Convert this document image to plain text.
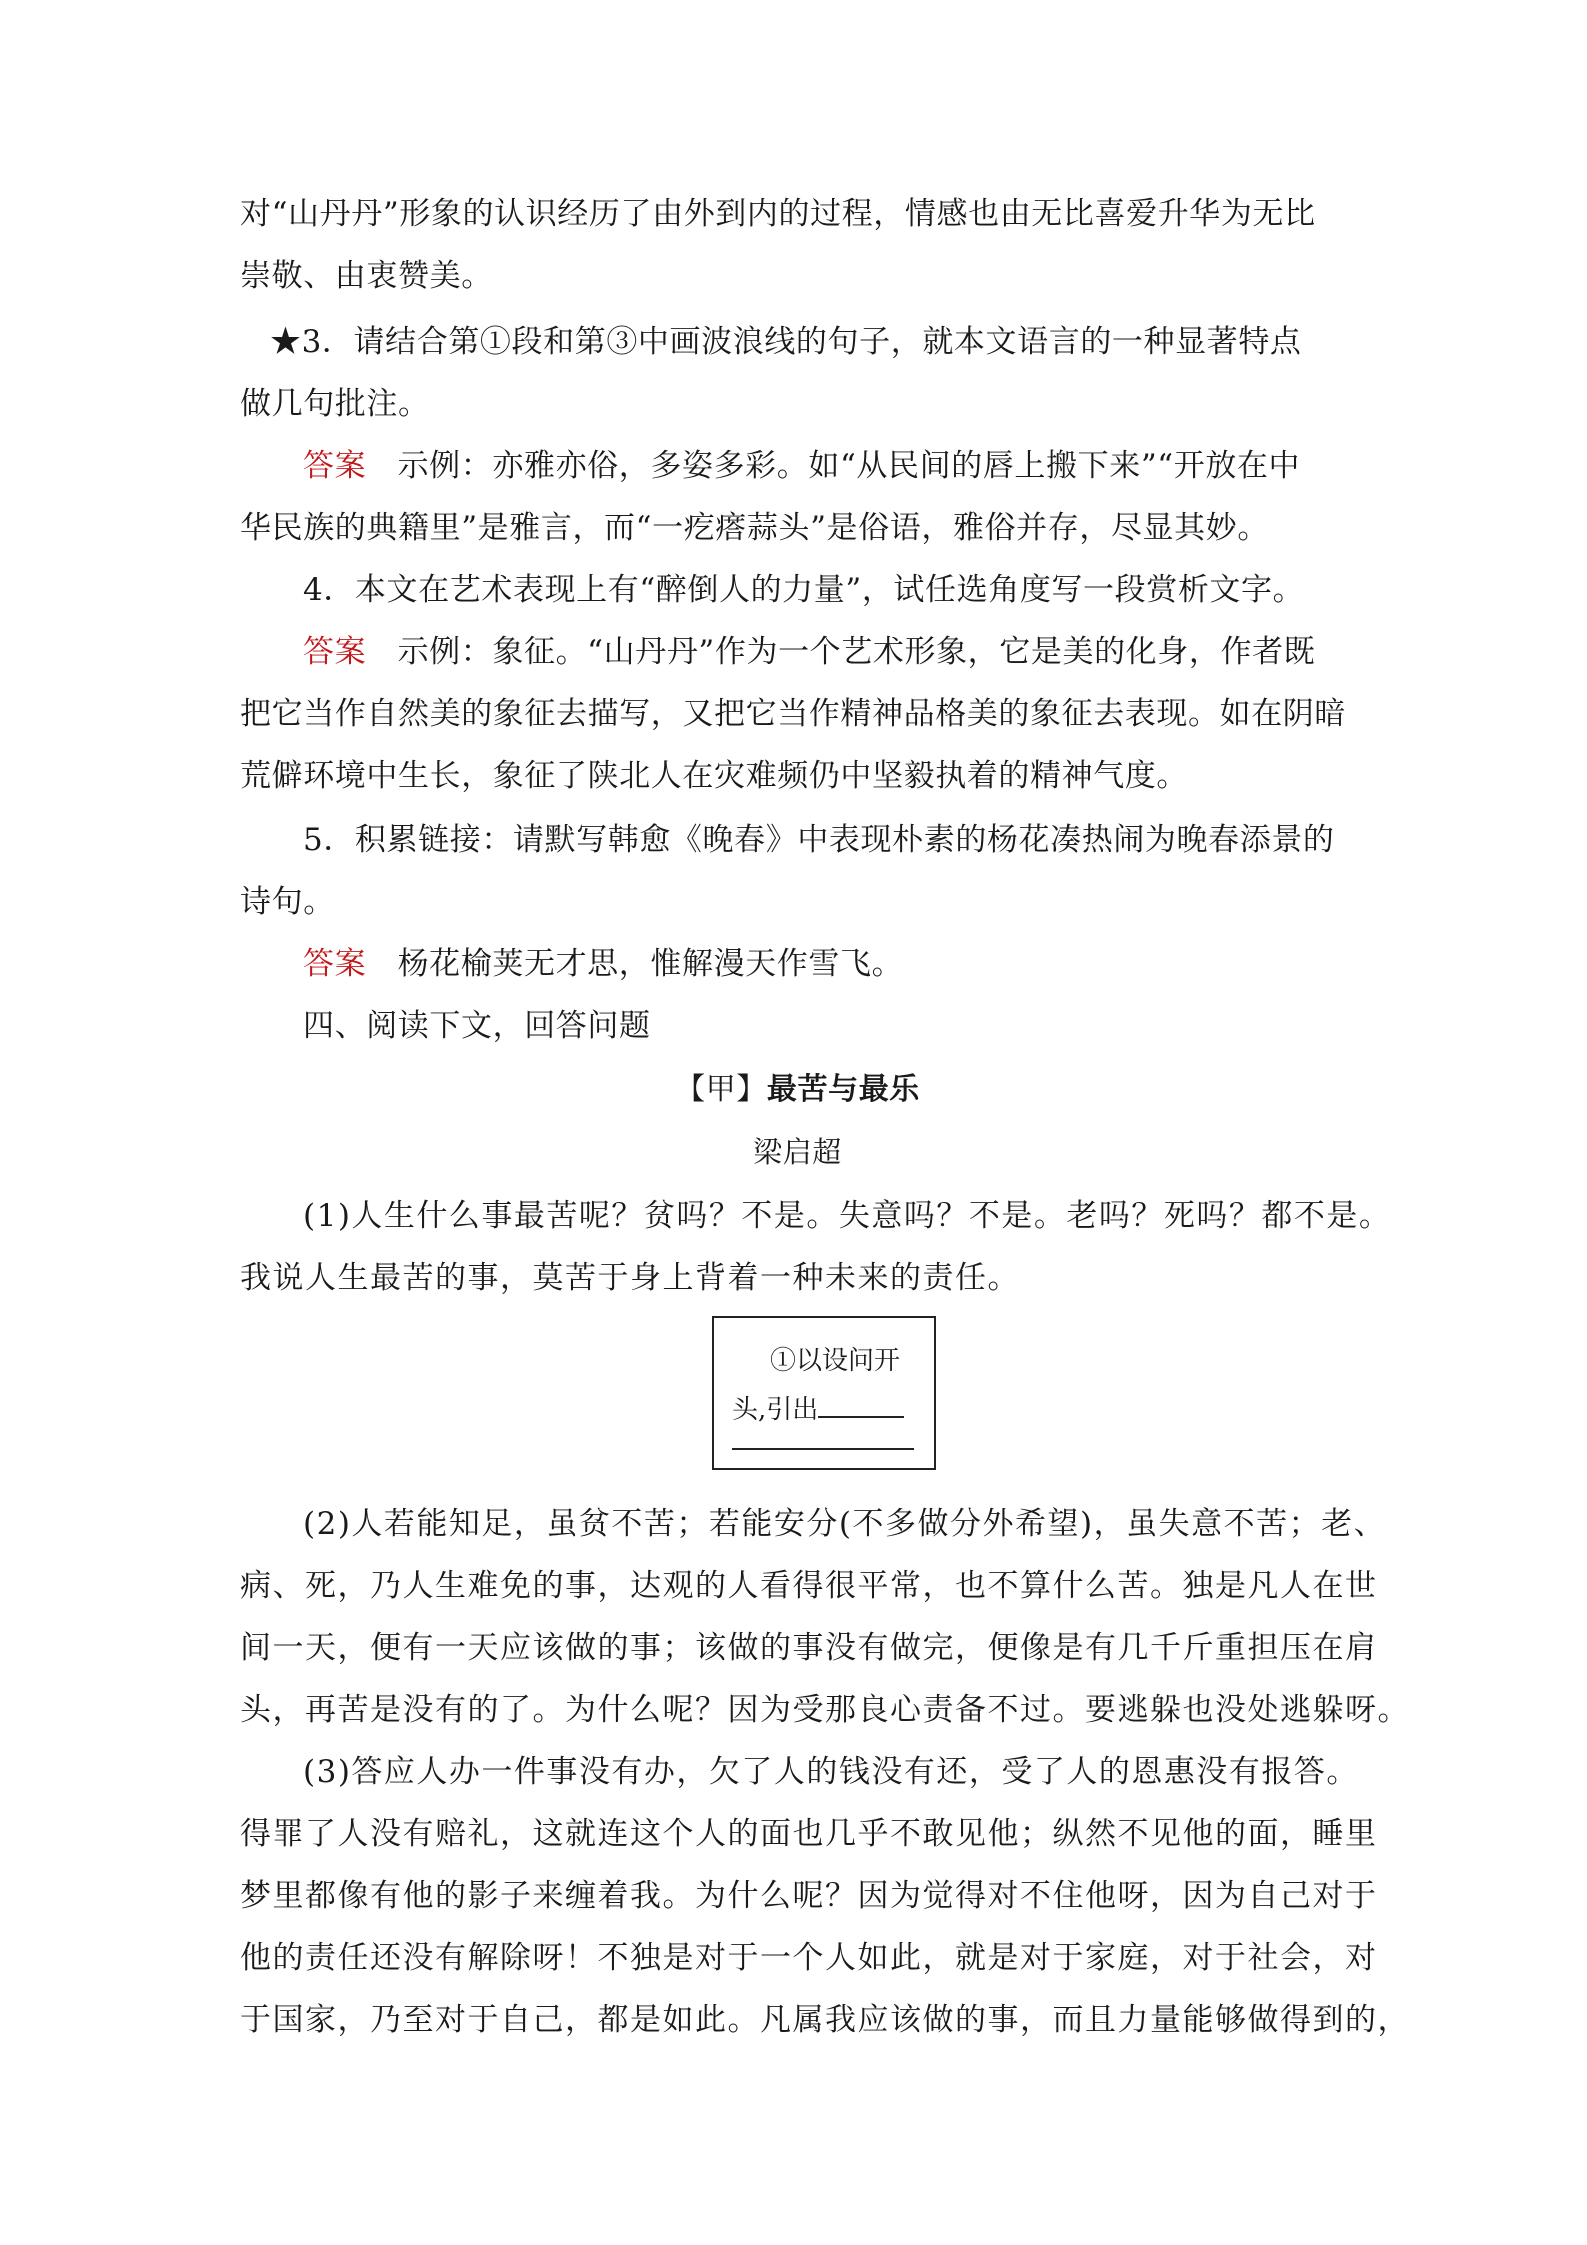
对“山丹丹”形象的认识经历了由外到内的过程，情感也由无比喜爱升华为无比
崇敬、由衷赞美。
★3．请结合第①段和第③中画波浪线的句子，就本文语言的一种显著特点
做几句批注。
答案 示例：亦雅亦俗，多姿多彩。如“从民间的唇上搬下来”“开放在中
华民族的典籍里”是雅言，而“一疙瘩蒜头”是俗语，雅俗并存，尽显其妙。
4．本文在艺术表现上有“醉倒人的力量”，试任选角度写一段赏析文字。
答案 示例：象征。“山丹丹”作为一个艺术形象，它是美的化身，作者既
把它当作自然美的象征去描写，又把它当作精神品格美的象征去表现。如在阴暗
荒僻环境中生长，象征了陕北人在灾难频仍中坚毅执着的精神气度。
5．积累链接：请默写韩愈《晚春》中表现朴素的杨花凑热闹为晚春添景的
诗句。
答案 杨花榆荚无才思，惟解漫天作雪飞。
四、阅读下文，回答问题
【甲】最苦与最乐
梁启超
(1)人生什么事最苦呢？贫吗？不是。失意吗？不是。老吗？死吗？都不是。
我说人生最苦的事，莫苦于身上背着一种未来的责任。
①以设问开
头,引出
(2)人若能知足，虽贫不苦；若能安分(不多做分外希望)，虽失意不苦；老、
病、死，乃人生难免的事，达观的人看得很平常，也不算什么苦。独是凡人在世
间一天，便有一天应该做的事；该做的事没有做完，便像是有几千斤重担压在肩
头，再苦是没有的了。为什么呢？因为受那良心责备不过。要逃躲也没处逃躲呀。
(3)答应人办一件事没有办，欠了人的钱没有还，受了人的恩惠没有报答。
得罪了人没有赔礼，这就连这个人的面也几乎不敢见他；纵然不见他的面，睡里
梦里都像有他的影子来缠着我。为什么呢？因为觉得对不住他呀，因为自己对于
他的责任还没有解除呀！不独是对于一个人如此，就是对于家庭，对于社会，对
于国家，乃至对于自己，都是如此。凡属我应该做的事，而且力量能够做得到的，
